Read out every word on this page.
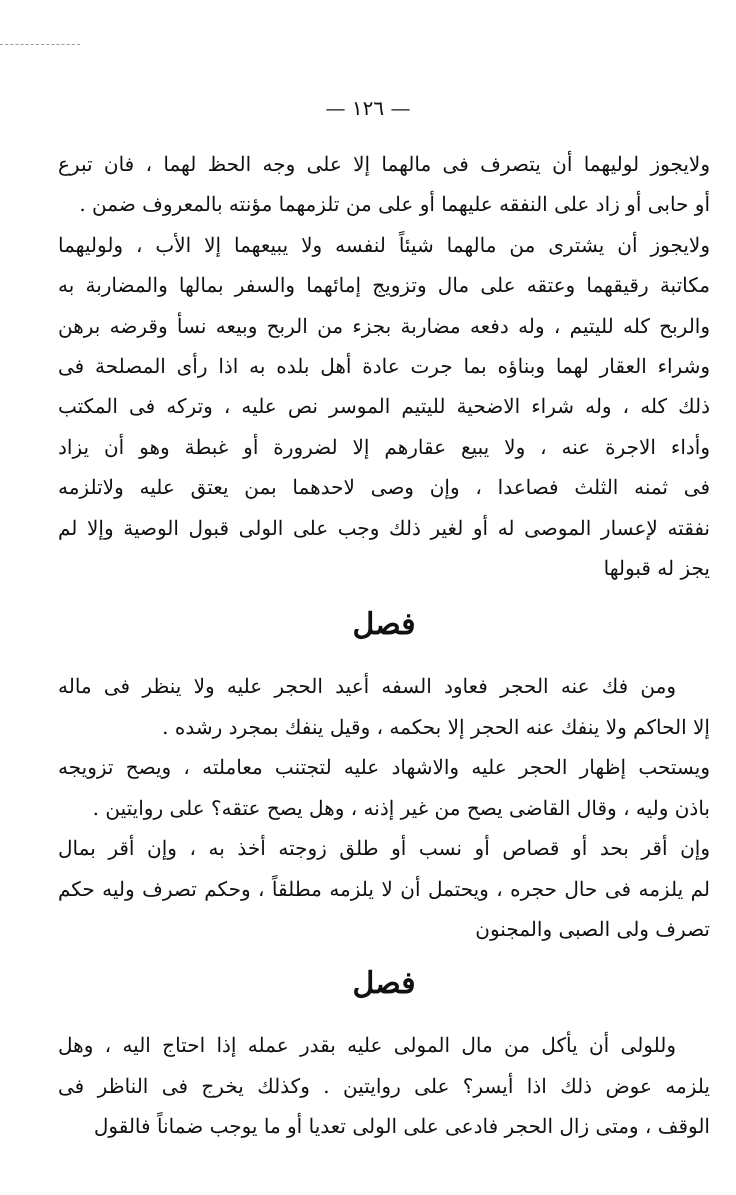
— ١٢٦ —

ولايجوز لوليهما أن يتصرف فى مالهما إلا على وجه الحظ لهما ، فان تبرع
أو حابى أو زاد على النفقه عليهما أو على من تلزمهما مؤنته بالمعروف ضمن .

ولايجوز أن يشترى من مالهما شيئاً لنفسه ولا يبيعهما إلا الأب ، ولوليهما
مكاتبة رقيقهما وعتقه على مال وتزويج إمائهما والسفر بمالها والمضاربة به
والربح كله لليتيم ، وله دفعه مضاربة بجزء من الربح وبيعه نسأ وقرضه برهن
وشراء العقار لهما وبناؤه بما جرت عادة أهل بلده به اذا رأى المصلحة فى
ذلك كله ، وله شراء الاضحية لليتيم الموسر نص عليه ، وتركه فى المكتب
وأداء الاجرة عنه ، ولا يبيع عقارهم إلا لضرورة أو غبطة وهو أن يزاد
فى ثمنه الثلث فصاعدا ، وإن وصى لاحدهما بمن يعتق عليه ولاتلزمه
نفقته لإعسار الموصى له أو لغير ذلك وجب على الولى قبول الوصية وإلا لم
يجز له قبولها

فصل

ومن فك عنه الحجر فعاود السفه أعيد الحجر عليه ولا ينظر فى ماله
إلا الحاكم ولا ينفك عنه الحجر إلا بحكمه ، وقيل ينفك بمجرد رشده .

ويستحب إظهار الحجر عليه والاشهاد عليه لتجتنب معاملته ، ويصح تزويجه
باذن وليه ، وقال القاضى يصح من غير إذنه ، وهل يصح عتقه؟ على روايتين .

وإن أقر بحد أو قصاص أو نسب أو طلق زوجته أخذ به ، وإن أقر بمال
لم يلزمه فى حال حجره ، ويحتمل أن لا يلزمه مطلقاً ، وحكم تصرف وليه حكم
تصرف ولى الصبى والمجنون

فصل

وللولى أن يأكل من مال المولى عليه بقدر عمله إذا احتاج اليه ، وهل
يلزمه عوض ذلك اذا أيسر؟ على روايتين . وكذلك يخرج فى الناظر فى
الوقف ، ومتى زال الحجر فادعى على الولى تعديا أو ما يوجب ضماناً فالقول
